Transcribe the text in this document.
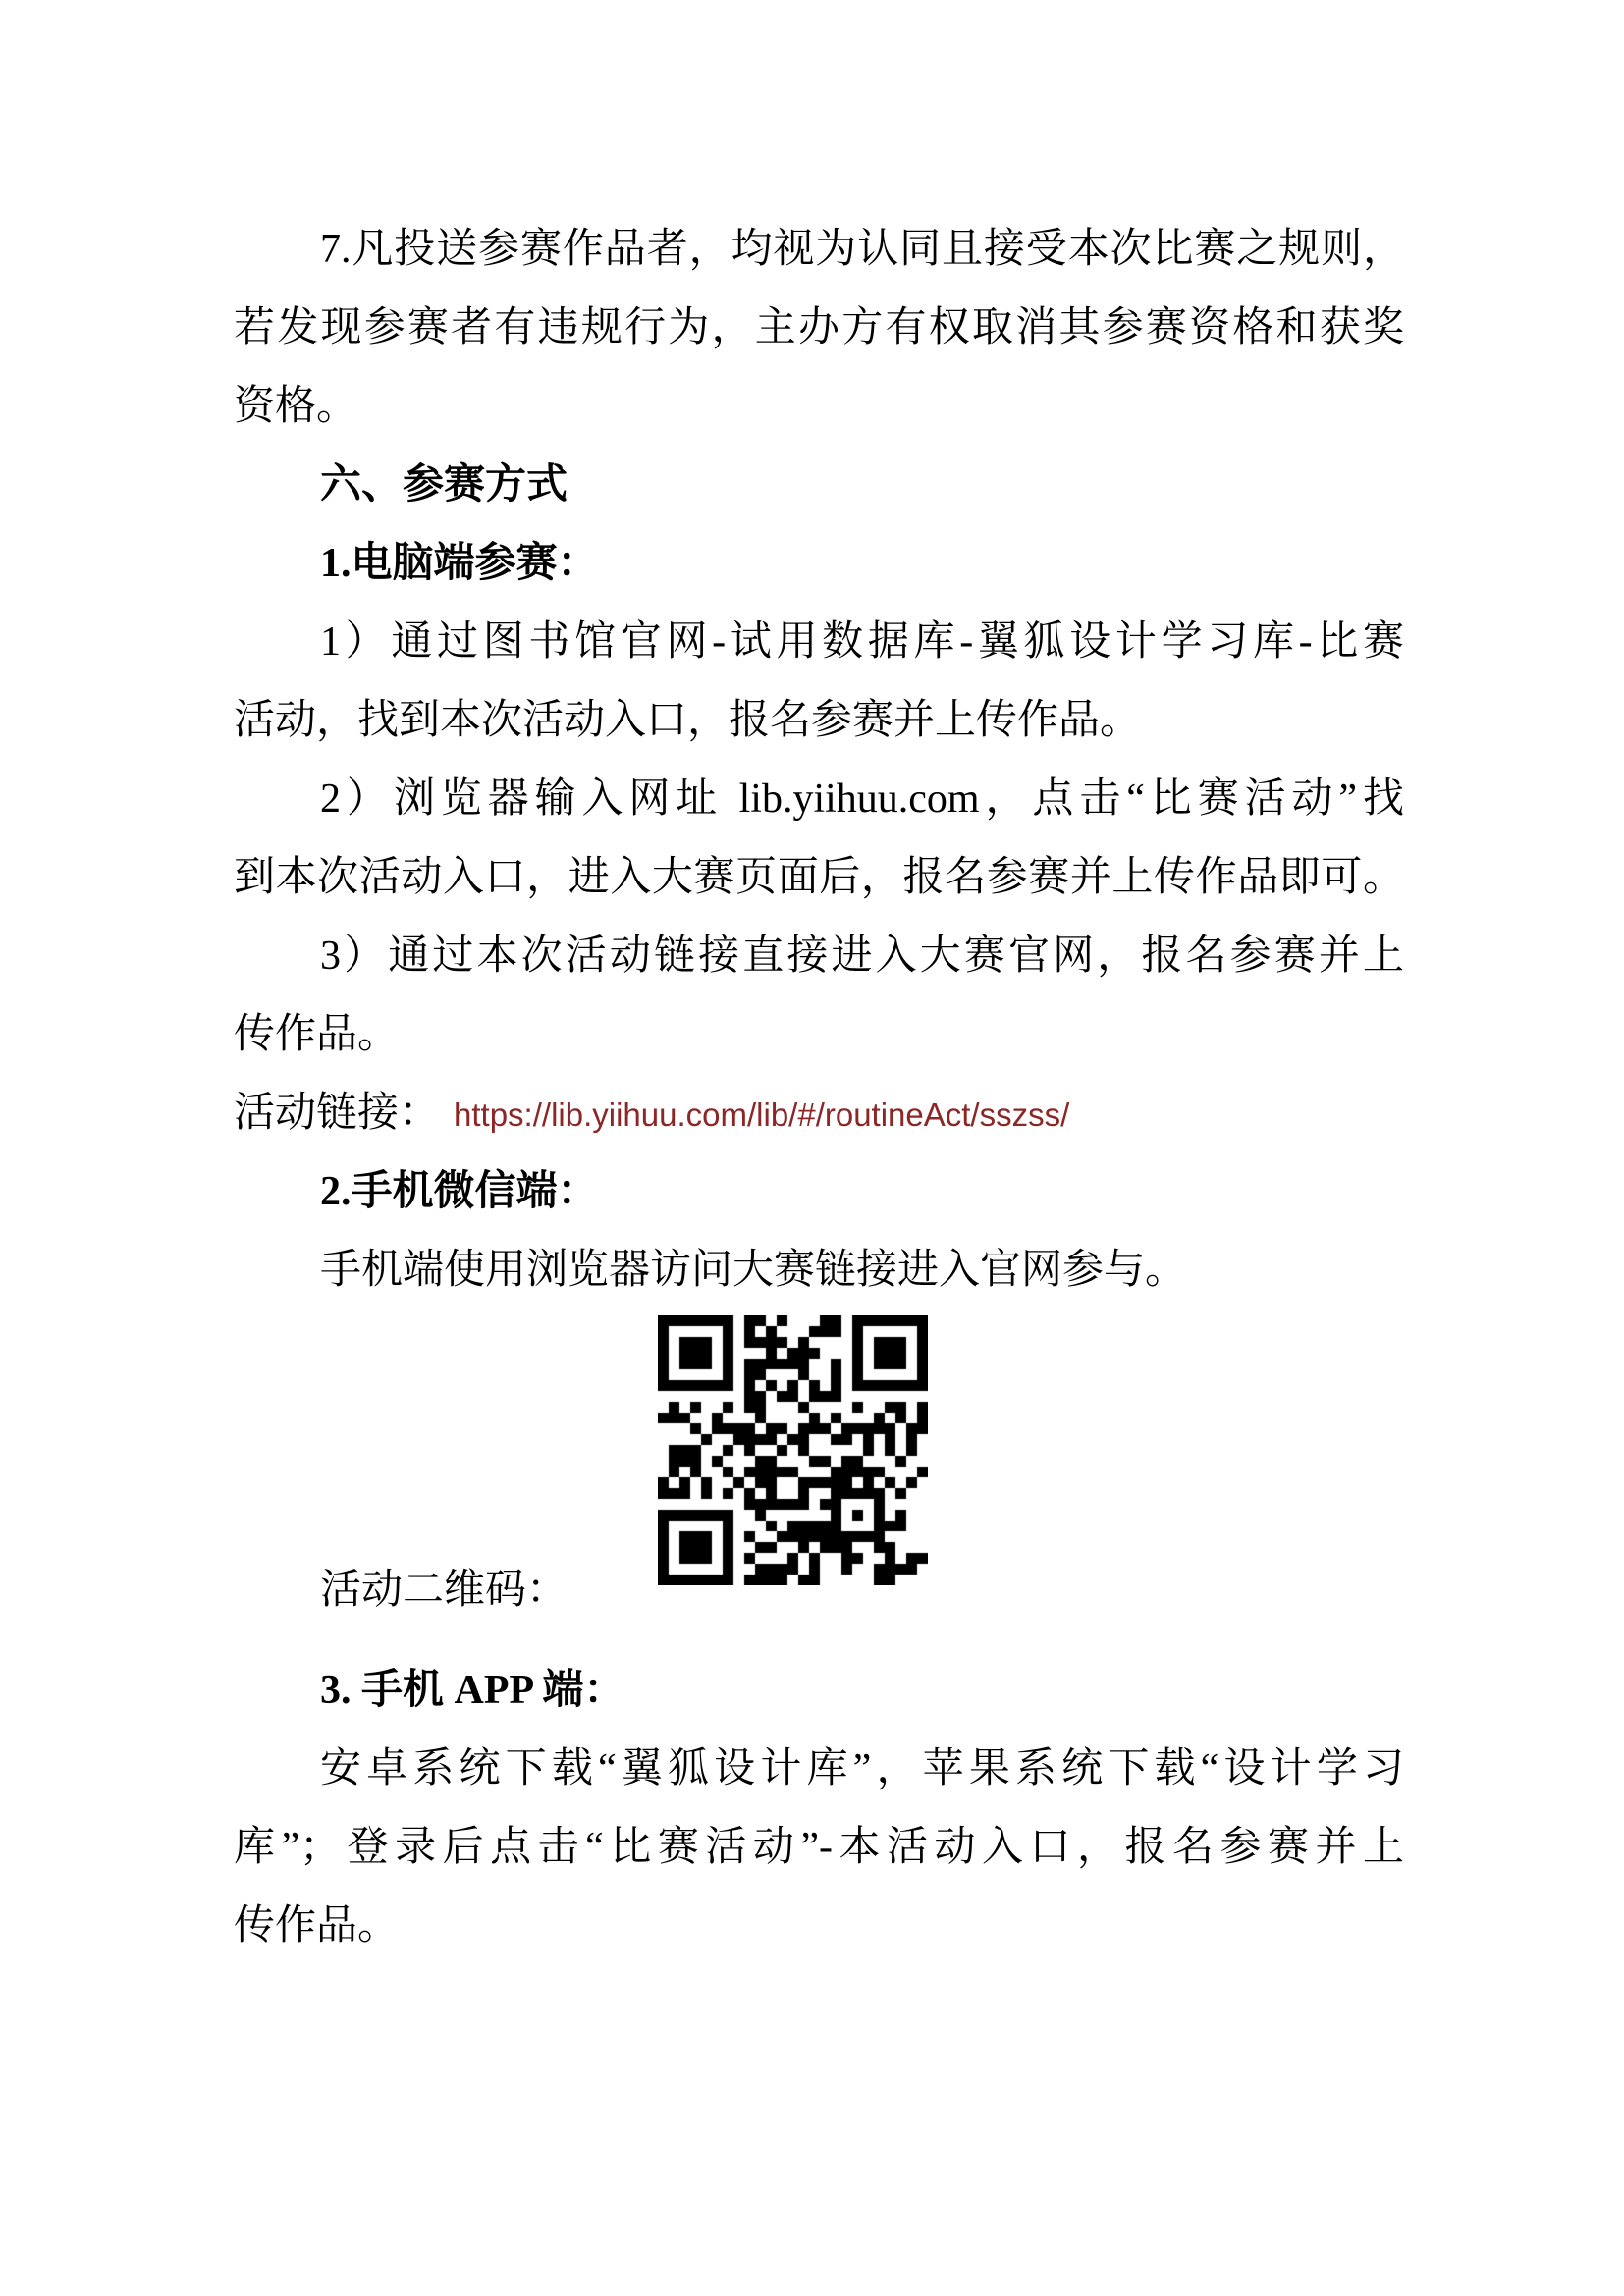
7.凡投送参赛作品者，均视为认同且接受本次比赛之规则，
若发现参赛者有违规行为，主办方有权取消其参赛资格和获奖
资格。
六、参赛方式
1.电脑端参赛：
1）通过图书馆官网-试用数据库-翼狐设计学习库-比赛
活动，找到本次活动入口，报名参赛并上传作品。
2）浏览器输入网址 lib.yiihuu.com，点击“比赛活动”找
到本次活动入口，进入大赛页面后，报名参赛并上传作品即可。
3）通过本次活动链接直接进入大赛官网，报名参赛并上
传作品。
活动链接： https://lib.yiihuu.com/lib/#/routineAct/sszss/
2.手机微信端：
手机端使用浏览器访问大赛链接进入官网参与。
活动二维码：
3. 手机 APP 端：
安卓系统下载“翼狐设计库”，苹果系统下载“设计学习
库”；登录后点击“比赛活动”-本活动入口，报名参赛并上
传作品。
